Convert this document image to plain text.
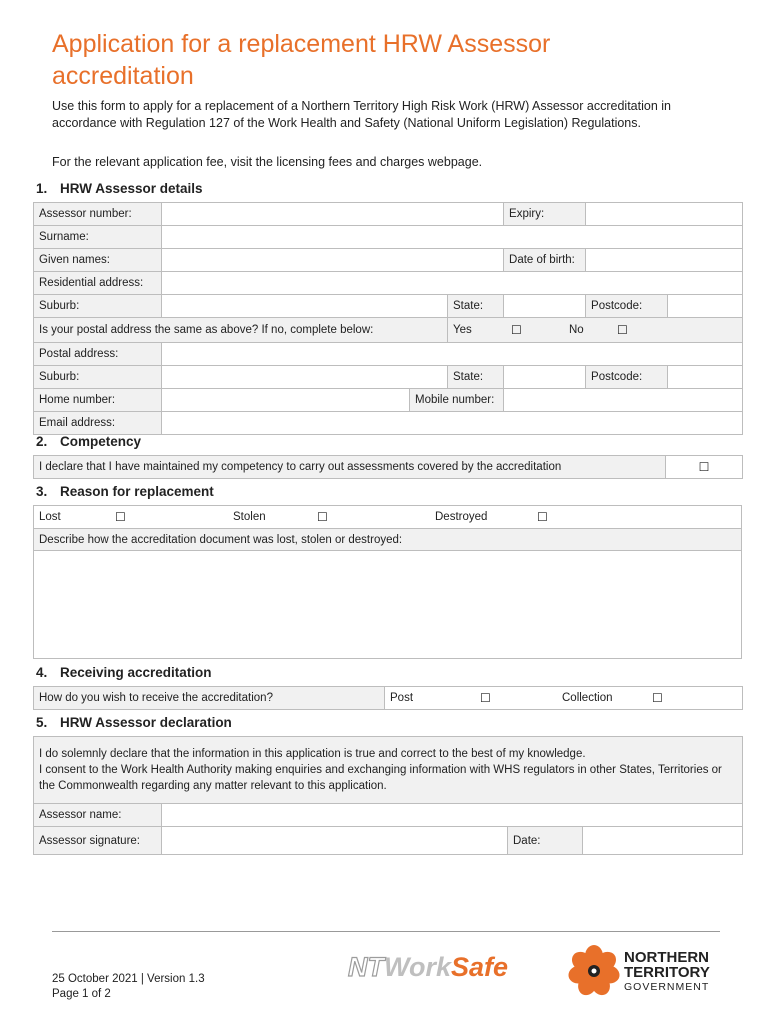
Application for a replacement HRW Assessor accreditation

Use this form to apply for a replacement of a Northern Territory High Risk Work (HRW) Assessor accreditation in accordance with Regulation 127 of the Work Health and Safety (National Uniform Legislation) Regulations.

For the relevant application fee, visit the licensing fees and charges webpage.

1. HRW Assessor details
Assessor number:				Expiry:		
Surname:						
Given names:				Date of birth:		
Residential address:						
Suburb:			State:		Postcode:	
Is your postal address the same as above? If no, complete below:			Yes ☐ No ☐			

Postal address:						
Suburb:			State:		Postcode:	
Home number:		Mobile number:				
Email address:						
2. Competency
I declare that I have maintained my competency to carry out assessments covered by the accreditation	☐
3. Reason for replacement
Lost	☐	Stolen	☐	Destroyed	☐

Describe how the accreditation document was lost, stolen or destroyed:

4. Receiving accreditation
How do you wish to receive the accreditation?	Post	☐	Collection	☐
5. HRW Assessor declaration
I do solemnly declare that the information in this application is true and correct to the best of my knowledge.
I consent to the Work Health Authority making enquiries and exchanging information with WHS regulators in other States, Territories or the Commonwealth regarding any matter relevant to this application.			

Assessor name:			
Assessor signature:		Date:	
25 October 2021 | Version 1.3
Page 1 of 2
NTWorkSafe	NORTHERN
TERRITORY
GOVERNMENT
